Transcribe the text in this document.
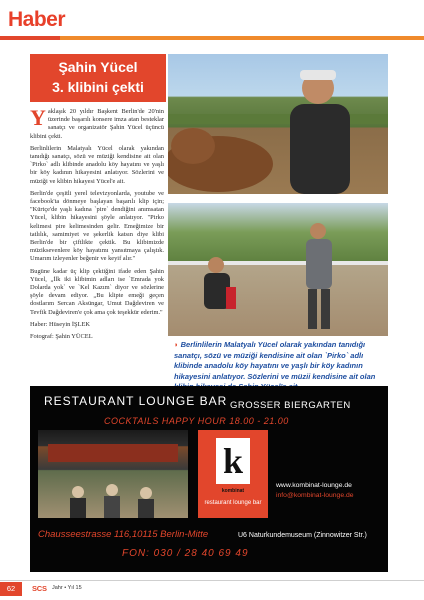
Haber
Şahin Yücel
3. klibini çekti

Yaklaşık 20 yıldır Başkent Berlin'de 20'nin üzerinde başarılı konsere imza atan besteklar sanatçı ve organizatör Şahin Yücel üçüncü klibini çekti.

Berlinlilerin Malatyalı Yücel olarak yakından tanıdığı sanatçı, sözü ve müziği kendisine ait olan `Pirko` adlı klibinde anadolu köy hayatını ve yaşlı bir köy kadının hikayesini anlatıyor. Sözlerini ve müziği ve klibin hikayesi Yücel'e ait.

Berlin'de çeşitli yerel televizyonlarda, youtube ve facebook'ta dönmeye başlayan başarılı klip için; "Kürtçe'de yaşlı kadına `pire` dendiğini anımsatan Yücel, klibin hikayesini şöyle anlatıyor. "Pirko kelimesi pire kelimesinden gelir. Emeğimize bir tatlılık, samimiyet ve şekerlik katsın diye klibi Berlin'de bir çiftlikte çektik. Bu klibimizde müziksevenlere köy hayatımı yansıtmaya çalıştık. Umarım izleyenler beğenir ve keyif alır."

Bugüne kadar üç klip çektiğini ifade eden Şahin Yücel, „İlk iki klibimin adları ise `Emrada yok Dolarda yok` ve `Kel Kazım` diyor ve sözlerine şöyle devam ediyor. „Bu klipte emeği geçen dostlarım Sercan Aksüngar, Umut Dağdeviren ve Tevfik Dağdeviren'e çok ama çok teşekkür ederim."

Haber: Hüseyin İŞLEK

Fotograf: Şahin YÜCEL

◗ Berlinlilerin Malatyalı Yücel olarak yakından tanıdığı sanatçı, sözü ve müziği kendisine ait olan `Pirko` adlı klibinde anadolu köy hayatını ve yaşlı bir köy kadının hikayesini anlatıyor. Sözlerini ve müzii kendisine ait olan
RESTAURANT LOUNGE BAR GROSSER BIERGARTEN
COCKTAILS HAPPY HOUR 18.00 - 21.00
k
kombinat
restaurant lounge bar
www.kombinat-lounge.de
info@kombinat-lounge.de
Chausseestrasse 116,10115 Berlin-Mitte	U6 Naturkundemuseum (Zinnowitzer Str.)
FON: 030 / 28 40 69 49
62	SCS Jahr • Yıl 15
